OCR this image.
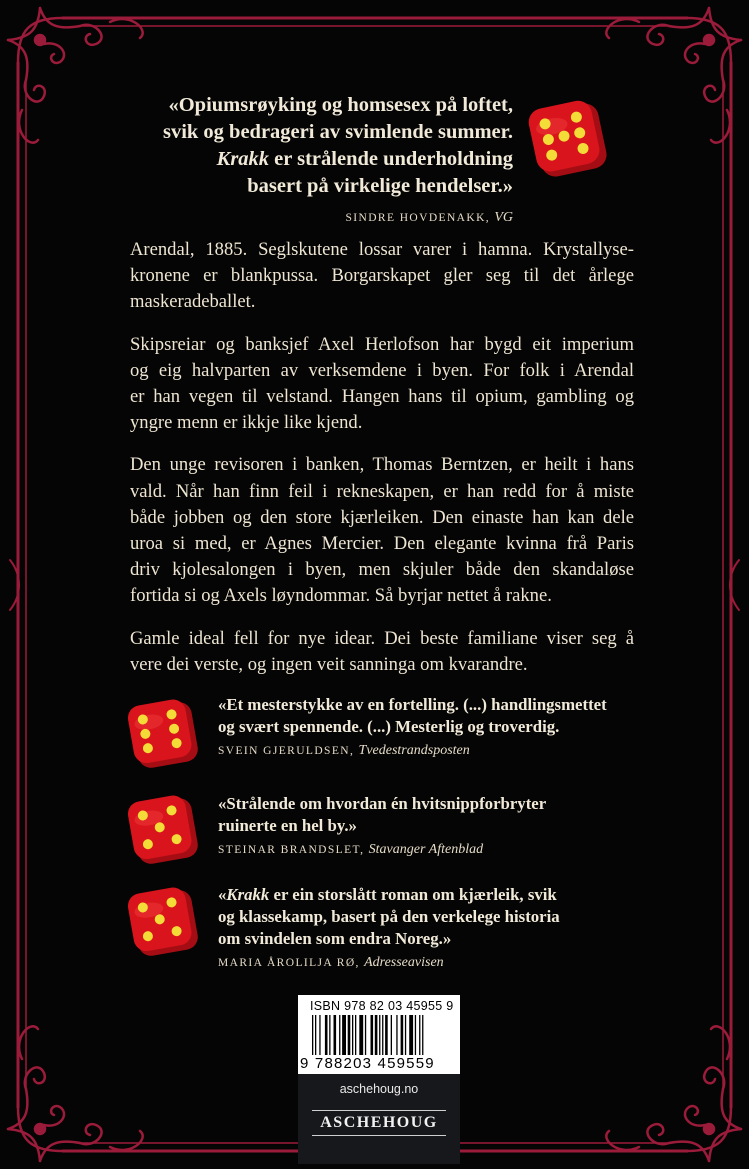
«Opiumsrøyking og homsesex på loftet,
svik og bedrageri av svimlende summer.
Krakk er strålende underholdning
basert på virkelige hendelser.»
SINDRE HOVDENAKK, VG

Arendal, 1885. Seglskutene lossar varer i hamna. Krystallyse-
kronene er blankpussa. Borgarskapet gler seg til det årlege
maskeradeballet.

Skipsreiar og banksjef Axel Herlofson har bygd eit imperium
og eig halvparten av verksemdene i byen. For folk i Arendal
er han vegen til velstand. Hangen hans til opium, gambling og
yngre menn er ikkje like kjend.

Den unge revisoren i banken, Thomas Berntzen, er heilt i hans
vald. Når han finn feil i rekneskapen, er han redd for å miste
både jobben og den store kjærleiken. Den einaste han kan dele
uroa si med, er Agnes Mercier. Den elegante kvinna frå Paris
driv kjolesalongen i byen, men skjuler både den skandaløse
fortida si og Axels løyndommar. Så byrjar nettet å rakne.

Gamle ideal fell for nye idear. Dei beste familiane viser seg å
vere dei verste, og ingen veit sanninga om kvarandre.

«Et mesterstykke av en fortelling. (...) handlingsmettet
og svært spennende. (...) Mesterlig og troverdig.
SVEIN GJERULDSEN, Tvedestrandsposten
«Strålende om hvordan én hvitsnippforbryter
ruinerte en hel by.»
STEINAR BRANDSLET, Stavanger Aftenblad
«Krakk er ein storslått roman om kjærleik, svik
og klassekamp, basert på den verkelege historia
om svindelen som endra Noreg.»
MARIA ÅROLILJA RØ, Adresseavisen
ISBN 978 82 03 45955 9
9 788203 459559
aschehoug.no
ASCHEHOUG
